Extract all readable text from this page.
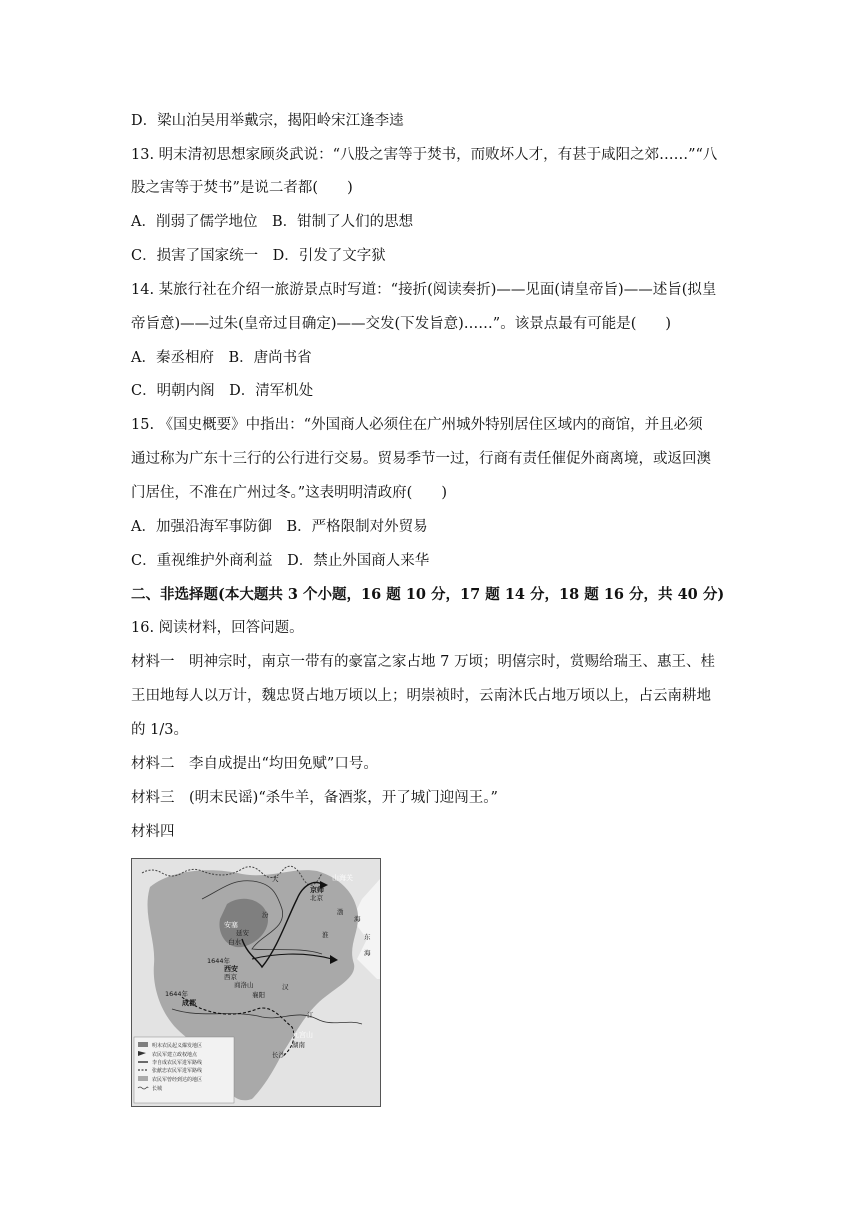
D．梁山泊吴用举戴宗，揭阳岭宋江逢李逵
13. 明末清初思想家顾炎武说：“八股之害等于焚书，而败坏人才，有甚于咸阳之郊……”“八
股之害等于焚书”是说二者都(　　)
A．削弱了儒学地位　B．钳制了人们的思想
C．损害了国家统一　D．引发了文字狱
14. 某旅行社在介绍一旅游景点时写道：“接折(阅读奏折)——见面(请皇帝旨)——述旨(拟皇
帝旨意)——过朱(皇帝过目确定)——交发(下发旨意)……”。该景点最有可能是(　　)
A．秦丞相府　B．唐尚书省
C．明朝内阁　D．清军机处
15. 《国史概要》中指出：“外国商人必须住在广州城外特别居住区域内的商馆，并且必须
通过称为广东十三行的公行进行交易。贸易季节一过，行商有责任催促外商离境，或返回澳
门居住，不准在广州过冬。”这表明明清政府(　　)
A．加强沿海军事防御　B．严格限制对外贸易
C．重视维护外商利益　D．禁止外国商人来华
二、非选择题(本大题共 3 个小题，16 题 10 分，17 题 14 分，18 题 16 分，共 40 分)
16. 阅读材料，回答问题。
材料一　明神宗时，南京一带有的豪富之家占地 7 万顷；明僖宗时，赏赐给瑞王、惠王、桂
王田地每人以万计，魏忠贤占地万顷以上；明崇祯时，云南沐氏占地万顷以上，占云南耕地
的 1/3。
材料二　李自成提出“均田免赋”口号。
材料三　(明末民谣)“杀牛羊，备酒浆，开了城门迎闯王。”
材料四
山海关
京师
北京
渤
海
东
海
大
汾
安塞
延安
白水
1644年
西安
西京
商洛山
襄阳
1644年
成都
汉
淮
江
九宫山
湖南
长沙
明末农民起义爆发地区
农民军建立政权地点
李自成农民军进军路线
张献忠农民军进军路线
农民军曾经到达的地区
长城
